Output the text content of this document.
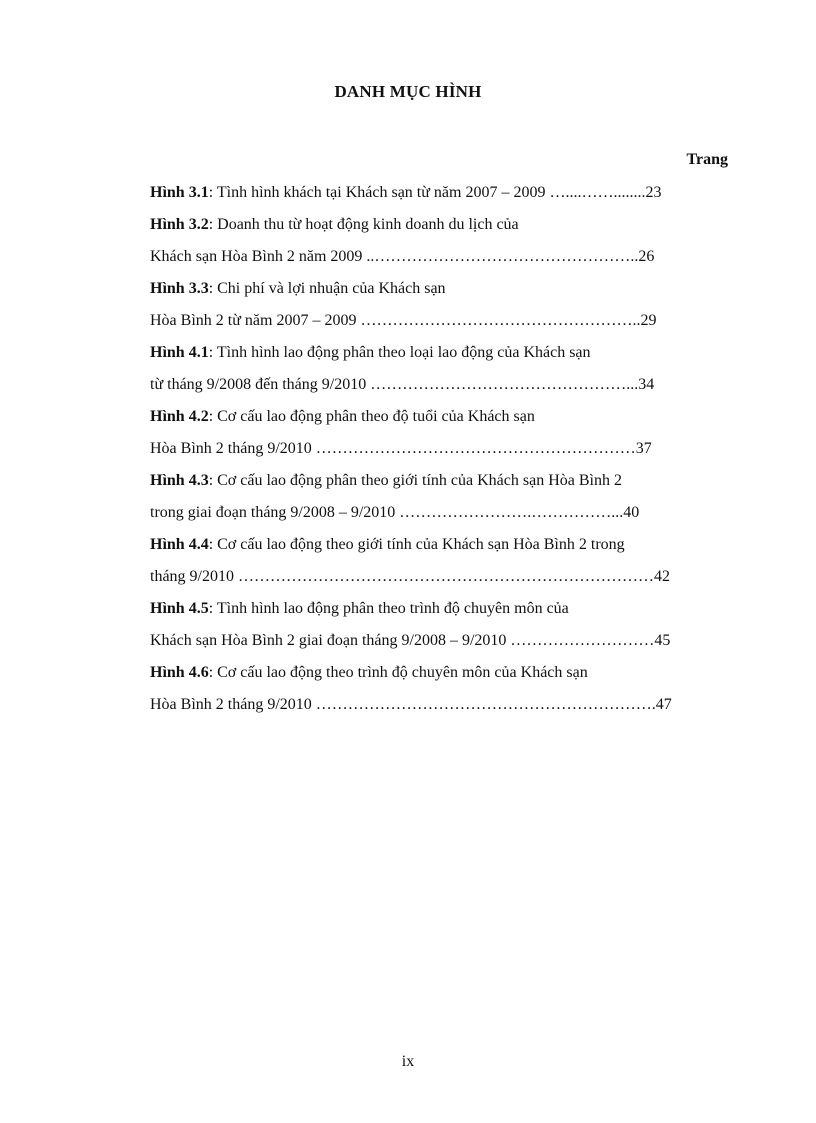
DANH MỤC HÌNH
Trang
Hình 3.1: Tình hình khách tại Khách sạn từ năm 2007 – 2009 …....……........23
Hình 3.2: Doanh thu từ hoạt động kinh doanh du lịch của
Khách sạn Hòa Bình 2 năm 2009 ..…………………………………………..26
Hình 3.3: Chi phí và lợi nhuận của Khách sạn
Hòa Bình 2 từ năm 2007 – 2009 ……………………………………………..29
Hình 4.1: Tình hình lao động phân theo loại lao động của Khách sạn
từ tháng 9/2008 đến tháng 9/2010 …………………………………………...34
Hình 4.2: Cơ cấu lao động phân theo độ tuổi của Khách sạn
Hòa Bình 2 tháng 9/2010 ……………………………………………………37
Hình 4.3: Cơ cấu lao động phân theo giới tính của Khách sạn Hòa Bình 2
trong giai đoạn tháng 9/2008 – 9/2010 …………………….……………...40
Hình 4.4: Cơ cấu lao động theo giới tính của Khách sạn Hòa Bình 2 trong
tháng 9/2010 ……………………………………………………………………42
Hình 4.5: Tình hình lao động phân theo trình độ chuyên môn của
Khách sạn Hòa Bình 2 giai đoạn tháng 9/2008 – 9/2010 ………………………45
Hình 4.6: Cơ cấu lao động theo trình độ chuyên môn của Khách sạn
Hòa Bình 2 tháng 9/2010 ……………………………………………………….47
ix
